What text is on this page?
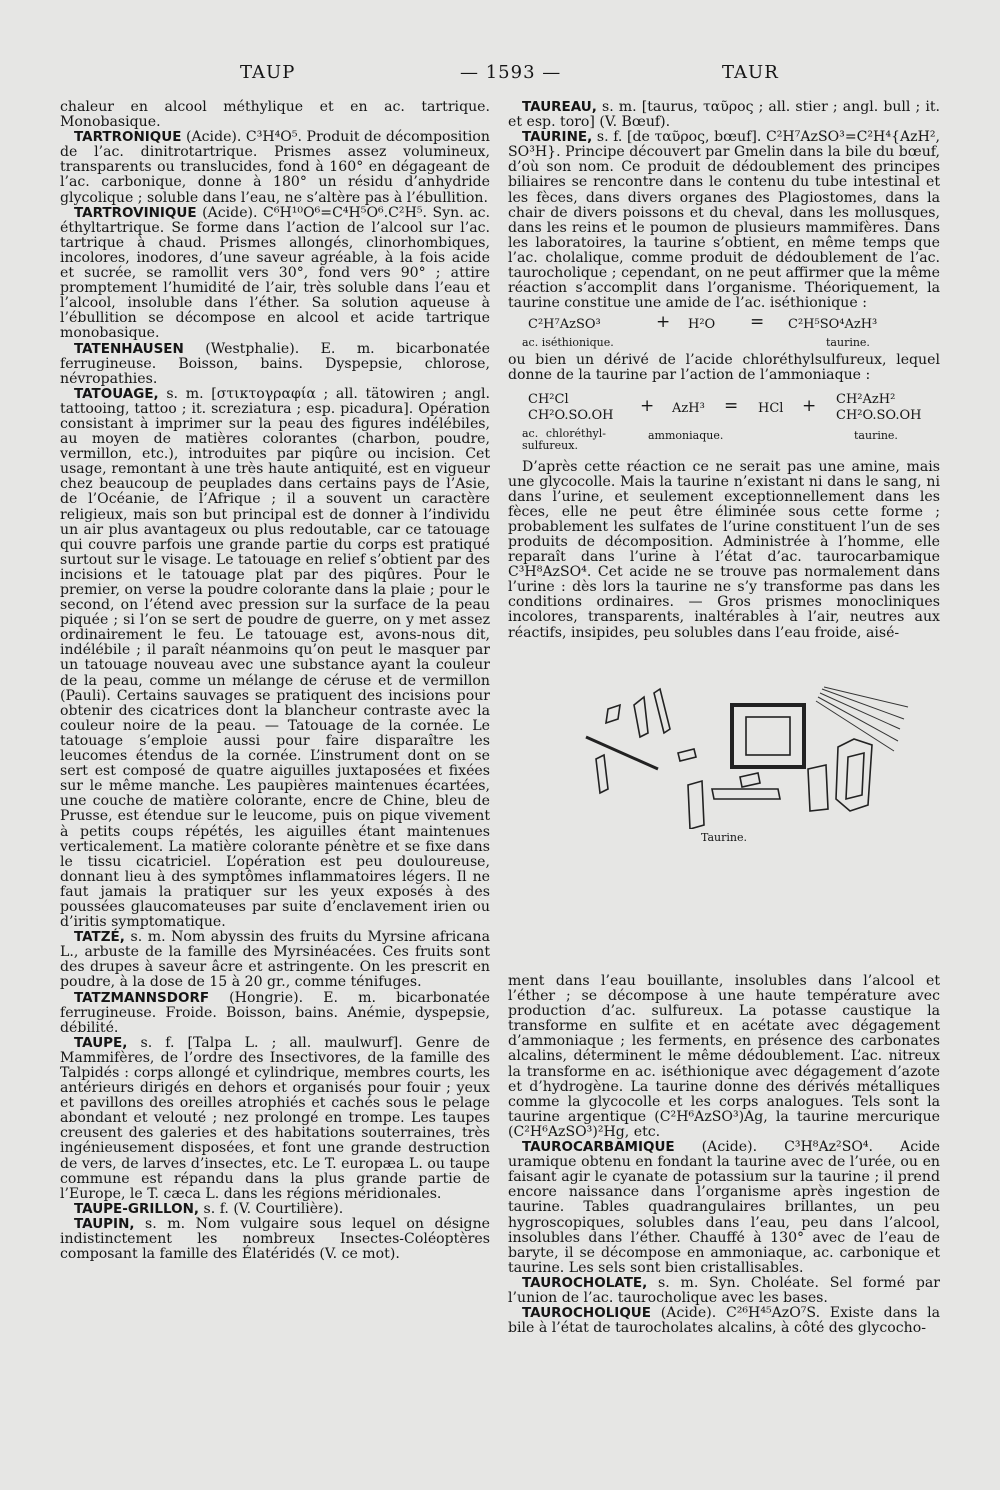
TAUP	— 1593 —	TAUR

chaleur en alcool méthylique et en ac. tartrique. Monobasique.

TARTRONIQUE (Acide). C³H⁴O⁵. Produit de décomposition de l’ac. dinitrotartrique. Prismes assez volumineux, transparents ou translucides, fond à 160° en dégageant de l’ac. carbonique, donne à 180° un résidu d’anhydride glycolique ; soluble dans l’eau, ne s’altère pas à l’ébullition.

TARTROVINIQUE (Acide). C⁶H¹⁰O⁶=C⁴H⁵O⁶.C²H⁵. Syn. ac. éthyltartrique. Se forme dans l’action de l’alcool sur l’ac. tartrique à chaud. Prismes allongés, clinorhombiques, incolores, inodores, d’une saveur agréable, à la fois acide et sucrée, se ramollit vers 30°, fond vers 90° ; attire promptement l’humidité de l’air, très soluble dans l’eau et l’alcool, insoluble dans l’éther. Sa solution aqueuse à l’ébullition se décompose en alcool et acide tartrique monobasique.

TATENHAUSEN (Westphalie). E. m. bicarbonatée ferrugineuse. Boisson, bains. Dyspepsie, chlorose, névropathies.

TATOUAGE, s. m. [στικτογραφία ; all. tätowiren ; angl. tattooing, tattoo ; it. screziatura ; esp. picadura]. Opération consistant à imprimer sur la peau des figures indélébiles, au moyen de matières colorantes (charbon, poudre, vermillon, etc.), introduites par piqûre ou incision. Cet usage, remontant à une très haute antiquité, est en vigueur chez beaucoup de peuplades dans certains pays de l’Asie, de l’Océanie, de l’Afrique ; il a souvent un caractère religieux, mais son but principal est de donner à l’individu un air plus avantageux ou plus redoutable, car ce tatouage qui couvre parfois une grande partie du corps est pratiqué surtout sur le visage. Le tatouage en relief s’obtient par des incisions et le tatouage plat par des piqûres. Pour le premier, on verse la poudre colorante dans la plaie ; pour le second, on l’étend avec pression sur la surface de la peau piquée ; si l’on se sert de poudre de guerre, on y met assez ordinairement le feu. Le tatouage est, avons-nous dit, indélébile ; il paraît néanmoins qu’on peut le masquer par un tatouage nouveau avec une substance ayant la couleur de la peau, comme un mélange de céruse et de vermillon (Pauli). Certains sauvages se pratiquent des incisions pour obtenir des cicatrices dont la blancheur contraste avec la couleur noire de la peau. — Tatouage de la cornée. Le tatouage s’emploie aussi pour faire disparaître les leucomes étendus de la cornée. L’instrument dont on se sert est composé de quatre aiguilles juxtaposées et fixées sur le même manche. Les paupières maintenues écartées, une couche de matière colorante, encre de Chine, bleu de Prusse, est étendue sur le leucome, puis on pique vivement à petits coups répétés, les aiguilles étant maintenues verticalement. La matière colorante pénètre et se fixe dans le tissu cicatriciel. L’opération est peu douloureuse, donnant lieu à des symptômes inflammatoires légers. Il ne faut jamais la pratiquer sur les yeux exposés à des poussées glaucomateuses par suite d’enclavement irien ou d’iritis symptomatique.

TATZÉ, s. m. Nom abyssin des fruits du Myrsine africana L., arbuste de la famille des Myrsinéacées. Ces fruits sont des drupes à saveur âcre et astringente. On les prescrit en poudre, à la dose de 15 à 20 gr., comme ténifuges.

TATZMANNSDORF (Hongrie). E. m. bicarbonatée ferrugineuse. Froide. Boisson, bains. Anémie, dyspepsie, débilité.

TAUPE, s. f. [Talpa L. ; all. maulwurf]. Genre de Mammifères, de l’ordre des Insectivores, de la famille des Talpidés : corps allongé et cylindrique, membres courts, les antérieurs dirigés en dehors et organisés pour fouir ; yeux et pavillons des oreilles atrophiés et cachés sous le pelage abondant et velouté ; nez prolongé en trompe. Les taupes creusent des galeries et des habitations souterraines, très ingénieusement disposées, et font une grande destruction de vers, de larves d’insectes, etc. Le T. europæa L. ou taupe commune est répandu dans la plus grande partie de l’Europe, le T. cæca L. dans les régions méridionales.

TAUPE-GRILLON, s. f. (V. Courtilière).

TAUPIN, s. m. Nom vulgaire sous lequel on désigne indistinctement les nombreux Insectes-Coléoptères composant la famille des Élatéridés (V. ce mot).

TAUREAU, s. m. [taurus, ταῦρος ; all. stier ; angl. bull ; it. et esp. toro] (V. Bœuf).

TAURINE, s. f. [de ταῦρος, bœuf]. C²H⁷AzSO³=C²H⁴{AzH², SO³H}. Principe découvert par Gmelin dans la bile du bœuf, d’où son nom. Ce produit de dédoublement des principes biliaires se rencontre dans le contenu du tube intestinal et les fèces, dans divers organes des Plagiostomes, dans la chair de divers poissons et du cheval, dans les mollusques, dans les reins et le poumon de plusieurs mammifères. Dans les laboratoires, la taurine s’obtient, en même temps que l’ac. cholalique, comme produit de dédoublement de l’ac. taurocholique ; cependant, on ne peut affirmer que la même réaction s’accomplit dans l’organisme. Théoriquement, la taurine constitue une amide de l’ac. iséthionique :

C²H⁷AzSO³	+ H²O = C²H⁵SO⁴AzH³
ac. iséthionique.	taurine.

ou bien un dérivé de l’acide chloréthylsulfureux, lequel donne de la taurine par l’action de l’ammoniaque :

CH²Cl
CH²O.SO.OH + AzH³ = HCl + CH²AzH²
CH²O.SO.OH
ac. chloréthyl-sulfureux.
ammoniaque.	taurine.

D’après cette réaction ce ne serait pas une amine, mais une glycocolle. Mais la taurine n’existant ni dans le sang, ni dans l’urine, et seulement exceptionnellement dans les fèces, elle ne peut être éliminée sous cette forme ; probablement les sulfates de l’urine constituent l’un de ses produits de décomposition. Administrée à l’homme, elle reparaît dans l’urine à l’état d’ac. taurocarbamique C³H⁸AzSO⁴. Cet acide ne se trouve pas normalement dans l’urine : dès lors la taurine ne s’y transforme pas dans les conditions ordinaires. — Gros prismes monocliniques incolores, transparents, inaltérables à l’air, neutres aux réactifs, insipides, peu solubles dans l’eau froide, aisé-

Taurine.

ment dans l’eau bouillante, insolubles dans l’alcool et l’éther ; se décompose à une haute température avec production d’ac. sulfureux. La potasse caustique la transforme en sulfite et en acétate avec dégagement d’ammoniaque ; les ferments, en présence des carbonates alcalins, déterminent le même dédoublement. L’ac. nitreux la transforme en ac. iséthionique avec dégagement d’azote et d’hydrogène. La taurine donne des dérivés métalliques comme la glycocolle et les corps analogues. Tels sont la taurine argentique (C²H⁶AzSO³)Ag, la taurine mercurique (C²H⁶AzSO³)²Hg, etc.

TAUROCARBAMIQUE (Acide). C³H⁸Az²SO⁴. Acide uramique obtenu en fondant la taurine avec de l’urée, ou en faisant agir le cyanate de potassium sur la taurine ; il prend encore naissance dans l’organisme après ingestion de taurine. Tables quadrangulaires brillantes, un peu hygroscopiques, solubles dans l’eau, peu dans l’alcool, insolubles dans l’éther. Chauffé à 130° avec de l’eau de baryte, il se décompose en ammoniaque, ac. carbonique et taurine. Les sels sont bien cristallisables.

TAUROCHOLATE, s. m. Syn. Choléate. Sel formé par l’union de l’ac. taurocholique avec les bases.

TAUROCHOLIQUE (Acide). C²⁶H⁴⁵AzO⁷S. Existe dans la bile à l’état de taurocholates alcalins, à côté des glycocho-
